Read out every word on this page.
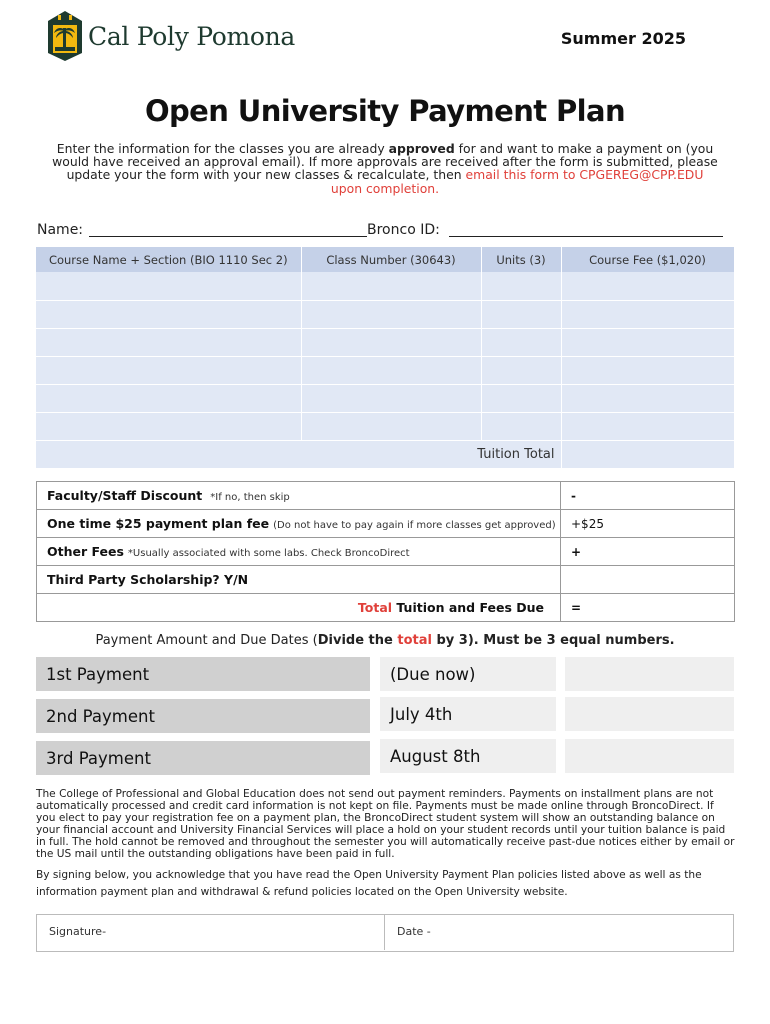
Cal Poly Pomona	Summer 2025
Open University Payment Plan
Enter the information for the classes you are already approved for and want to make a payment on (you would have received an approval email). If more approvals are received after the form is submitted, please update your the form with your new classes & recalculate, then email this form to CPGEREG@CPP.EDU upon completion.
Name:	Bronco ID:
Course Name + Section (BIO 1110 Sec 2)	Class Number (30643)	Units (3)	Course Fee ($1,020)

Tuition Total			
Faculty/Staff Discount *If no, then skip	-
One time $25 payment plan fee (Do not have to pay again if more classes get approved)	+$25
Other Fees *Usually associated with some labs. Check BroncoDirect	+
Third Party Scholarship? Y/N	
Total Tuition and Fees Due	=
Payment Amount and Due Dates (Divide the total by 3). Must be 3 equal numbers.
1st Payment	(Due now)
2nd Payment	July 4th
3rd Payment	August 8th
The College of Professional and Global Education does not send out payment reminders. Payments on installment plans are not automatically processed and credit card information is not kept on file. Payments must be made online through BroncoDirect. If you elect to pay your registration fee on a payment plan, the BroncoDirect student system will show an outstanding balance on your financial account and University Financial Services will place a hold on your student records until your tuition balance is paid in full. The hold cannot be removed and throughout the semester you will automatically receive past-due notices either by email or the US mail until the outstanding obligations have been paid in full.
By signing below, you acknowledge that you have read the Open University Payment Plan policies listed above as well as the information payment plan and withdrawal & refund policies located on the Open University website.
Signature-	Date -
